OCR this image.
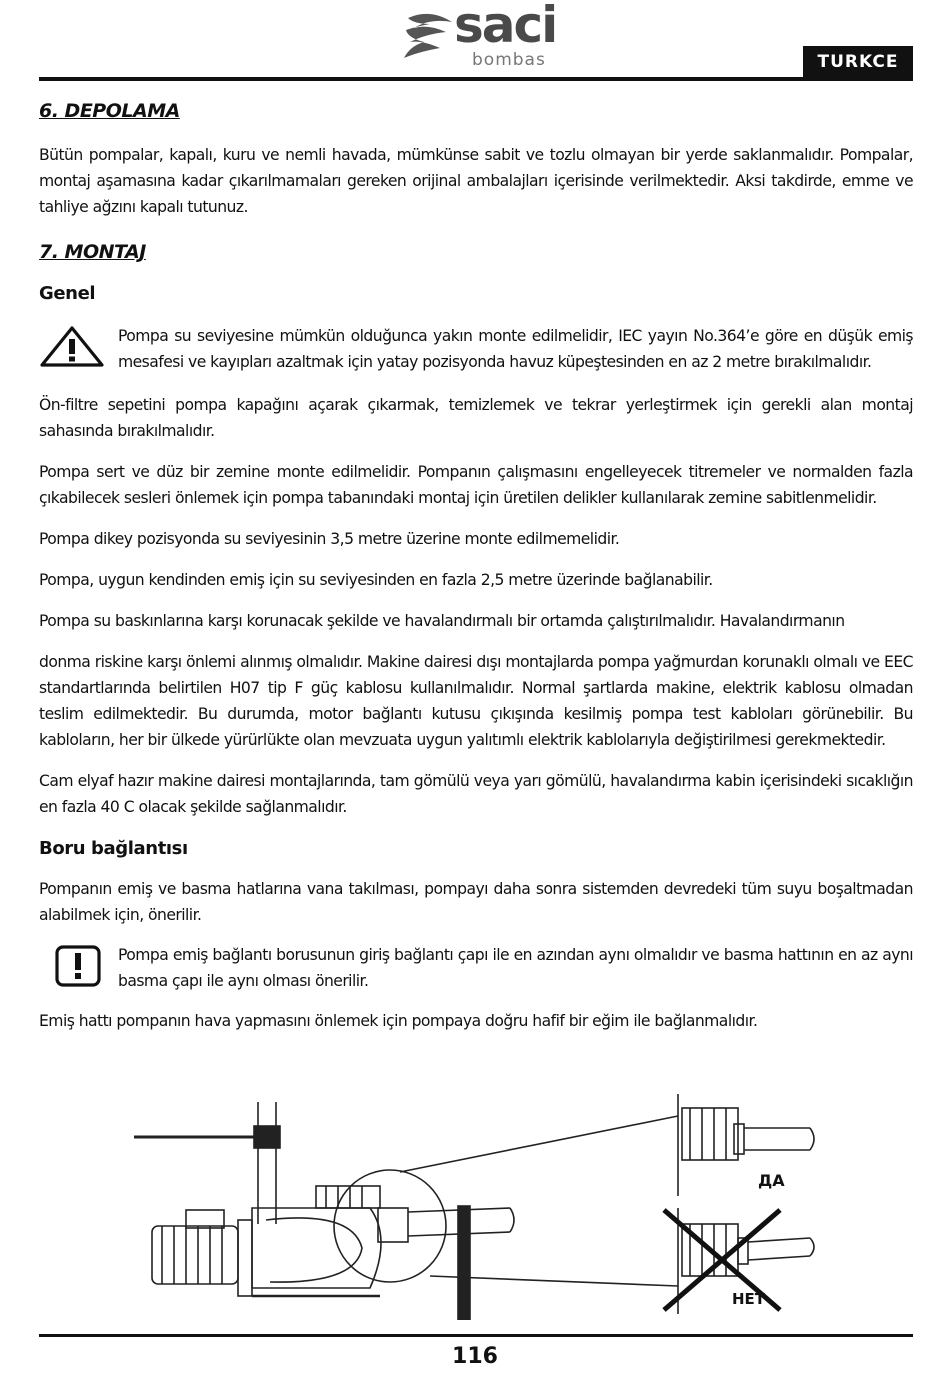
saci
bombas	TURKCE

6. DEPOLAMA

Bütün pompalar, kapalı, kuru ve nemli havada, mümkünse sabit ve tozlu olmayan bir yerde saklanmalıdır. Pompalar, montaj aşamasına kadar çıkarılmamaları gereken orijinal ambalajları içerisinde verilmektedir. Aksi takdirde, emme ve tahliye ağzını kapalı tutunuz.

7. MONTAJ

Genel

Pompa su seviyesine mümkün olduğunca yakın monte edilmelidir, IEC yayın No.364’e göre en düşük emiş mesafesi ve kayıpları azaltmak için yatay pozisyonda havuz küpeştesinden en az 2 metre bırakılmalıdır.

Ön-filtre sepetini pompa kapağını açarak çıkarmak, temizlemek ve tekrar yerleştirmek için gerekli alan montaj sahasında bırakılmalıdır.

Pompa sert ve düz bir zemine monte edilmelidir. Pompanın çalışmasını engelleyecek titremeler ve normalden fazla çıkabilecek sesleri önlemek için pompa tabanındaki montaj için üretilen delikler kullanılarak zemine sabitlenmelidir.

Pompa dikey pozisyonda su seviyesinin 3,5 metre üzerine monte edilmemelidir.

Pompa, uygun kendinden emiş için su seviyesinden en fazla 2,5 metre üzerinde bağlanabilir.

Pompa su baskınlarına karşı korunacak şekilde ve havalandırmalı bir ortamda çalıştırılmalıdır. Havalandırmanın

donma riskine karşı önlemi alınmış olmalıdır. Makine dairesi dışı montajlarda pompa yağmurdan korunaklı olmalı ve EEC standartlarında belirtilen H07 tip F güç kablosu kullanılmalıdır. Normal şartlarda makine, elektrik kablosu olmadan teslim edilmektedir. Bu durumda, motor bağlantı kutusu çıkışında kesilmiş pompa test kabloları görünebilir. Bu kabloların, her bir ülkede yürürlükte olan mevzuata uygun yalıtımlı elektrik kablolarıyla değiştirilmesi gerekmektedir.

Cam elyaf hazır makine dairesi montajlarında, tam gömülü veya yarı gömülü, havalandırma kabin içerisindeki sıcaklığın en fazla 40 C olacak şekilde sağlanmalıdır.

Boru bağlantısı

Pompanın emiş ve basma hatlarına vana takılması, pompayı daha sonra sistemden devredeki tüm suyu boşaltmadan alabilmek için, önerilir.

Pompa emiş bağlantı borusunun giriş bağlantı çapı ile en azından aynı olmalıdır ve basma hattının en az aynı basma çapı ile aynı olması önerilir.

Emiş hattı pompanın hava yapmasını önlemek için pompaya doğru hafif bir eğim ile bağlanmalıdır.

ДА
НЕТ
116
